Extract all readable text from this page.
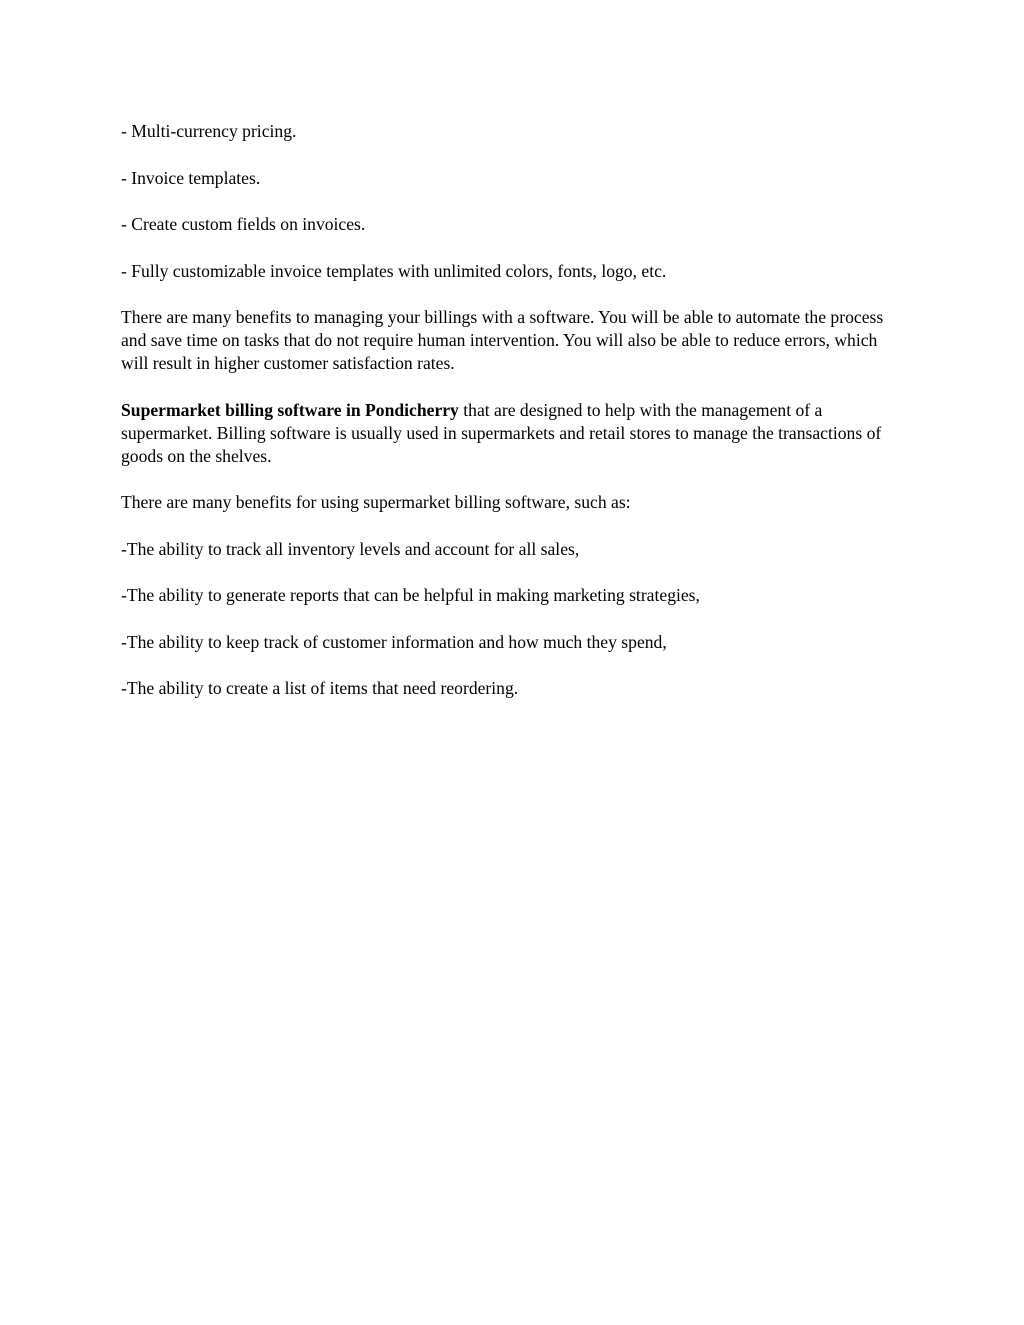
- Multi-currency pricing.

- Invoice templates.

- Create custom fields on invoices.

- Fully customizable invoice templates with unlimited colors, fonts, logo, etc.

There are many benefits to managing your billings with a software. You will be able to automate the process and save time on tasks that do not require human intervention. You will also be able to reduce errors, which will result in higher customer satisfaction rates.

Supermarket billing software in Pondicherry that are designed to help with the management of a supermarket. Billing software is usually used in supermarkets and retail stores to manage the transactions of goods on the shelves.

There are many benefits for using supermarket billing software, such as:

-The ability to track all inventory levels and account for all sales,

-The ability to generate reports that can be helpful in making marketing strategies,

-The ability to keep track of customer information and how much they spend,

-The ability to create a list of items that need reordering.
